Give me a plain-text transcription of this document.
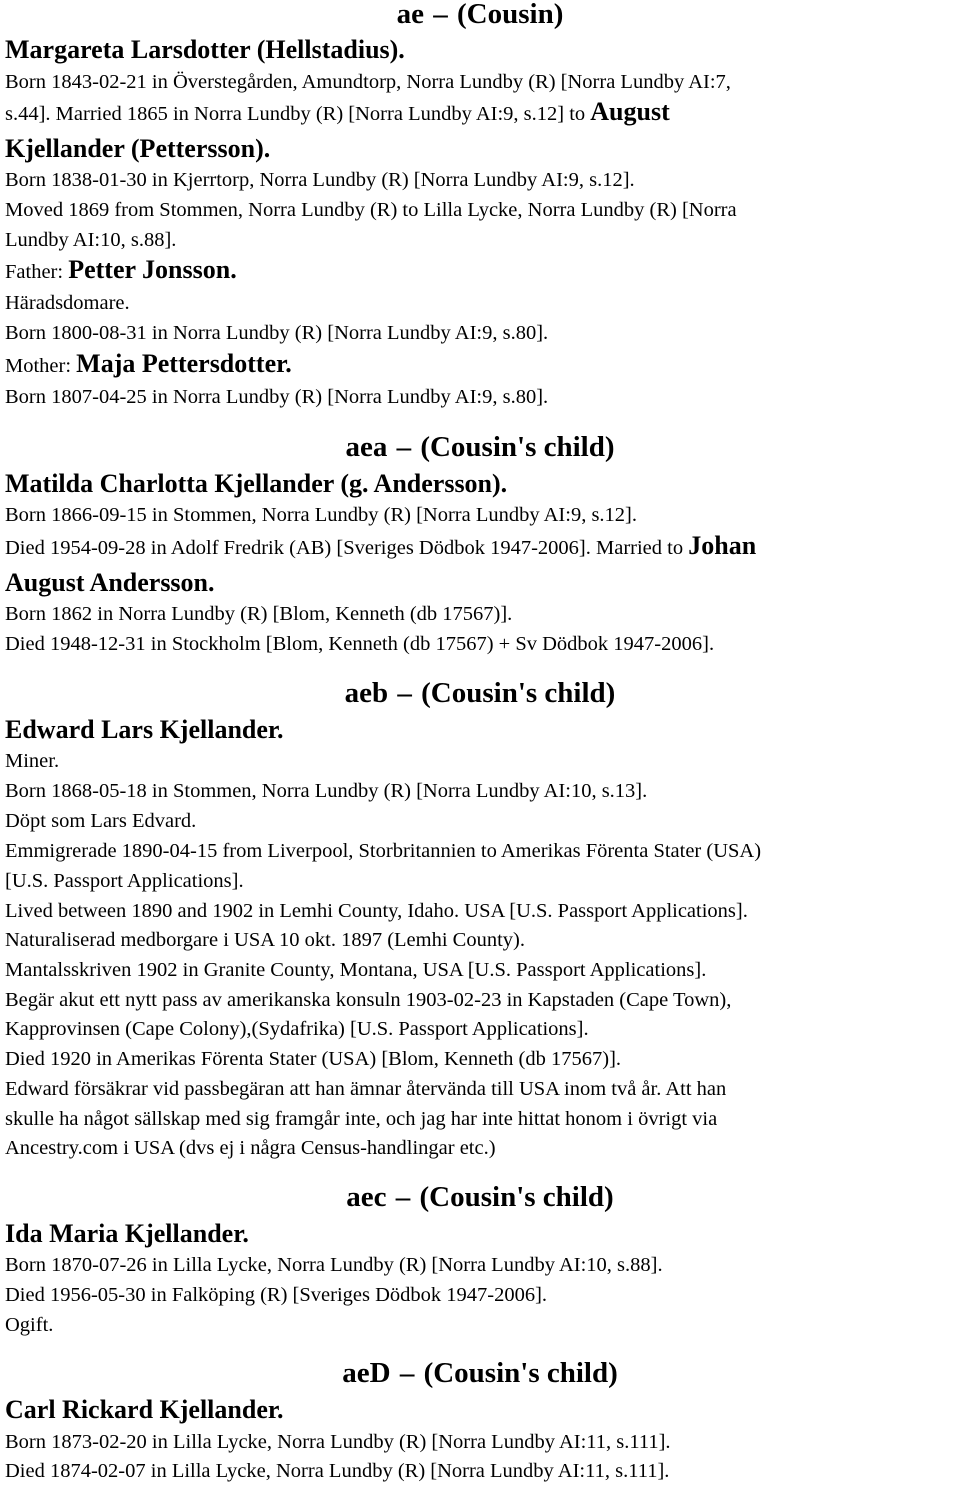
ae – (Cousin)
Margareta Larsdotter (Hellstadius).
Born 1843-02-21 in Överstegården, Amundtorp, Norra Lundby (R) [Norra Lundby AI:7,
s.44]. Married 1865 in Norra Lundby (R) [Norra Lundby AI:9, s.12] to August
Kjellander (Pettersson).
Born 1838-01-30 in Kjerrtorp, Norra Lundby (R) [Norra Lundby AI:9, s.12].
Moved 1869 from Stommen, Norra Lundby (R) to Lilla Lycke, Norra Lundby (R) [Norra
Lundby AI:10, s.88].
Father: Petter Jonsson.
Häradsdomare.
Born 1800-08-31 in Norra Lundby (R) [Norra Lundby AI:9, s.80].
Mother: Maja Pettersdotter.
Born 1807-04-25 in Norra Lundby (R) [Norra Lundby AI:9, s.80].
aea – (Cousin's child)
Matilda Charlotta Kjellander (g. Andersson).
Born 1866-09-15 in Stommen, Norra Lundby (R) [Norra Lundby AI:9, s.12].
Died 1954-09-28 in Adolf Fredrik (AB) [Sveriges Dödbok 1947-2006]. Married to Johan
August Andersson.
Born 1862 in Norra Lundby (R) [Blom, Kenneth (db 17567)].
Died 1948-12-31 in Stockholm [Blom, Kenneth (db 17567) + Sv Dödbok 1947-2006].
aeb – (Cousin's child)
Edward Lars Kjellander.
Miner.
Born 1868-05-18 in Stommen, Norra Lundby (R) [Norra Lundby AI:10, s.13].
Döpt som Lars Edvard.
Emmigrerade 1890-04-15 from Liverpool, Storbritannien to Amerikas Förenta Stater (USA)
[U.S. Passport Applications].
Lived between 1890 and 1902 in Lemhi County, Idaho. USA [U.S. Passport Applications].
Naturaliserad medborgare i USA 10 okt. 1897 (Lemhi County).
Mantalsskriven 1902 in Granite County, Montana, USA [U.S. Passport Applications].
Begär akut ett nytt pass av amerikanska konsuln 1903-02-23 in Kapstaden (Cape Town),
Kapprovinsen (Cape Colony),(Sydafrika) [U.S. Passport Applications].
Died 1920 in Amerikas Förenta Stater (USA) [Blom, Kenneth (db 17567)].
Edward försäkrar vid passbegäran att han ämnar återvända till USA inom två år. Att han
skulle ha något sällskap med sig framgår inte, och jag har inte hittat honom i övrigt via
Ancestry.com i USA (dvs ej i några Census-handlingar etc.)
aec – (Cousin's child)
Ida Maria Kjellander.
Born 1870-07-26 in Lilla Lycke, Norra Lundby (R) [Norra Lundby AI:10, s.88].
Died 1956-05-30 in Falköping (R) [Sveriges Dödbok 1947-2006].
Ogift.
aeD – (Cousin's child)
Carl Rickard Kjellander.
Born 1873-02-20 in Lilla Lycke, Norra Lundby (R) [Norra Lundby AI:11, s.111].
Died 1874-02-07 in Lilla Lycke, Norra Lundby (R) [Norra Lundby AI:11, s.111].
